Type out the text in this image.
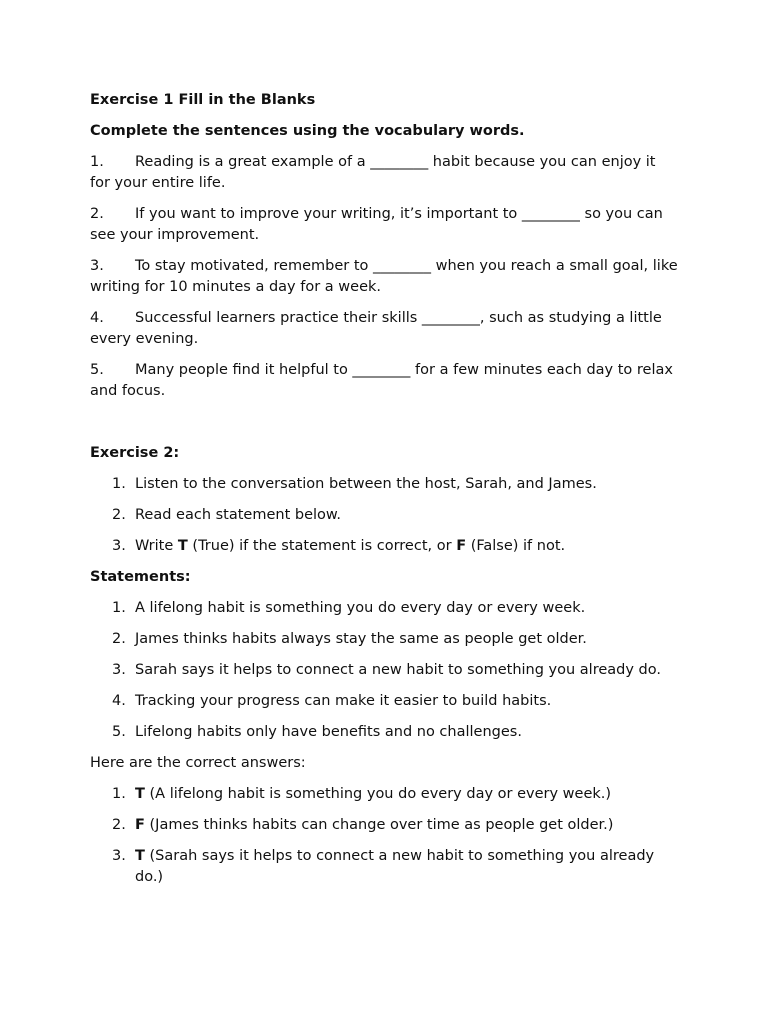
Exercise 1 Fill in the Blanks

Complete the sentences using the vocabulary words.

1. Reading is a great example of a ________ habit because you can enjoy it for your entire life.

2. If you want to improve your writing, it’s important to ________ so you can see your improvement.

3. To stay motivated, remember to ________ when you reach a small goal, like writing for 10 minutes a day for a week.

4. Successful learners practice their skills ________, such as studying a little every evening.

5. Many people find it helpful to ________ for a few minutes each day to relax and focus.

Exercise 2:

1. Listen to the conversation between the host, Sarah, and James.
2. Read each statement below.
3. Write T (True) if the statement is correct, or F (False) if not.

Statements:

1. A lifelong habit is something you do every day or every week.
2. James thinks habits always stay the same as people get older.
3. Sarah says it helps to connect a new habit to something you already do.
4. Tracking your progress can make it easier to build habits.
5. Lifelong habits only have benefits and no challenges.

Here are the correct answers:

1. T (A lifelong habit is something you do every day or every week.)
2. F (James thinks habits can change over time as people get older.)
3. T (Sarah says it helps to connect a new habit to something you already do.)
